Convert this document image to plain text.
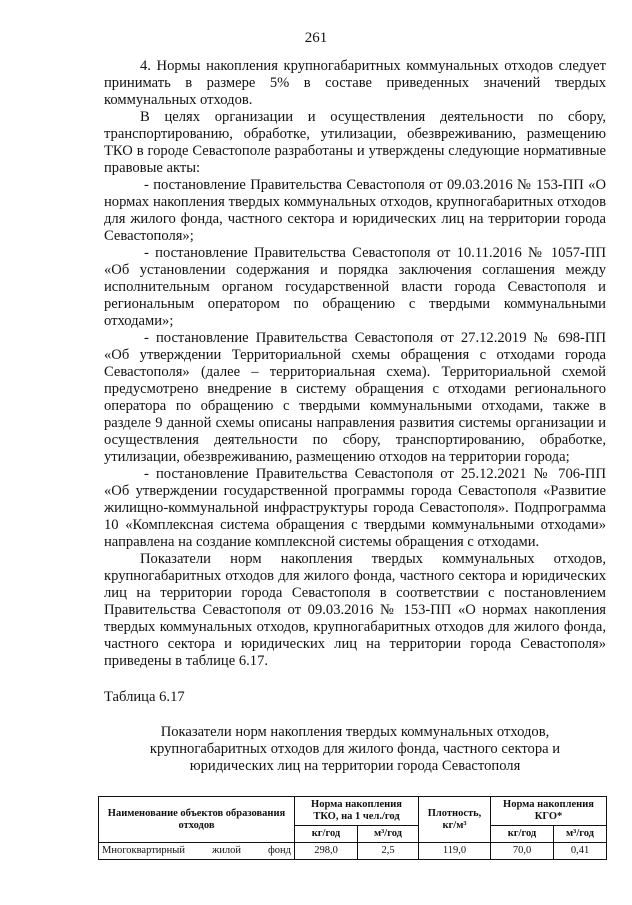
261

4. Нормы накопления крупногабаритных коммунальных отходов следует принимать в размере 5% в составе приведенных значений твердых коммунальных отходов.

В целях организации и осуществления деятельности по сбору, транспортированию, обработке, утилизации, обезвреживанию, размещению ТКО в городе Севастополе разработаны и утверждены следующие нормативные правовые акты:

- постановление Правительства Севастополя от 09.03.2016 № 153-ПП «О нормах накопления твердых коммунальных отходов, крупногабаритных отходов для жилого фонда, частного сектора и юридических лиц на территории города Севастополя»;

- постановление Правительства Севастополя от 10.11.2016 № 1057-ПП «Об установлении содержания и порядка заключения соглашения между исполнительным органом государственной власти города Севастополя и региональным оператором по обращению с твердыми коммунальными отходами»;

- постановление Правительства Севастополя от 27.12.2019 № 698-ПП «Об утверждении Территориальной схемы обращения с отходами города Севастополя» (далее – территориальная схема). Территориальной схемой предусмотрено внедрение в систему обращения с отходами регионального оператора по обращению с твердыми коммунальными отходами, также в разделе 9 данной схемы описаны направления развития системы организации и осуществления деятельности по сбору, транспортированию, обработке, утилизации, обезвреживанию, размещению отходов на территории города;

- постановление Правительства Севастополя от 25.12.2021 № 706-ПП «Об утверждении государственной программы города Севастополя «Развитие жилищно-коммунальной инфраструктуры города Севастополя». Подпрограмма 10 «Комплексная система обращения с твердыми коммунальными отходами» направлена на создание комплексной системы обращения с отходами.

Показатели норм накопления твердых коммунальных отходов, крупногабаритных отходов для жилого фонда, частного сектора и юридических лиц на территории города Севастополя в соответствии с постановлением Правительства Севастополя от 09.03.2016 № 153-ПП «О нормах накопления твердых коммунальных отходов, крупногабаритных отходов для жилого фонда, частного сектора и юридических лиц на территории города Севастополя» приведены в таблице 6.17.

Таблица 6.17

Показатели норм накопления твердых коммунальных отходов,
крупногабаритных отходов для жилого фонда, частного сектора и
юридических лиц на территории города Севастополя

Наименование объектов образования отходов	Норма накопления ТКО, на 1 чел./год		Плотность, кг/м³	Норма накопления КГО*	
	кг/год	м³/год		кг/год	м³/год
Многоквартирный жилой фонд	298,0	2,5	119,0	70,0	0,41
